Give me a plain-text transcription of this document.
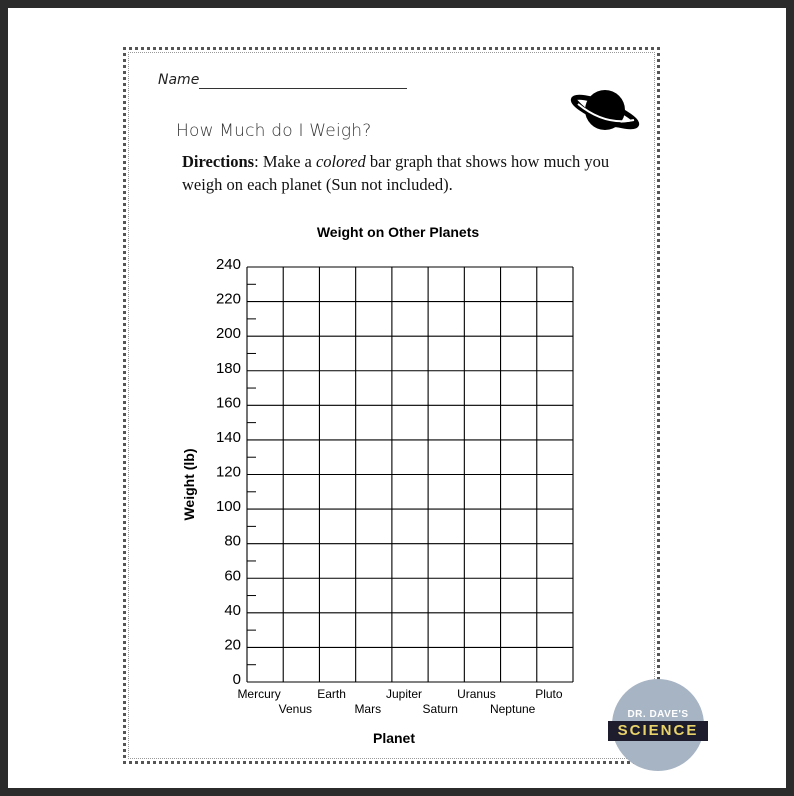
Name
How Much do I Weigh?
Directions: Make a colored bar graph that shows how much you weigh on each planet (Sun not included).
Weight on Other Planets
0
20
40
60
80
100
120
140
160
180
200
220
240
Mercury
Venus
Earth
Mars
Jupiter
Saturn
Uranus
Neptune
Pluto
Planet
Weight (lb)
DR. DAVE'S
SCIENCE
